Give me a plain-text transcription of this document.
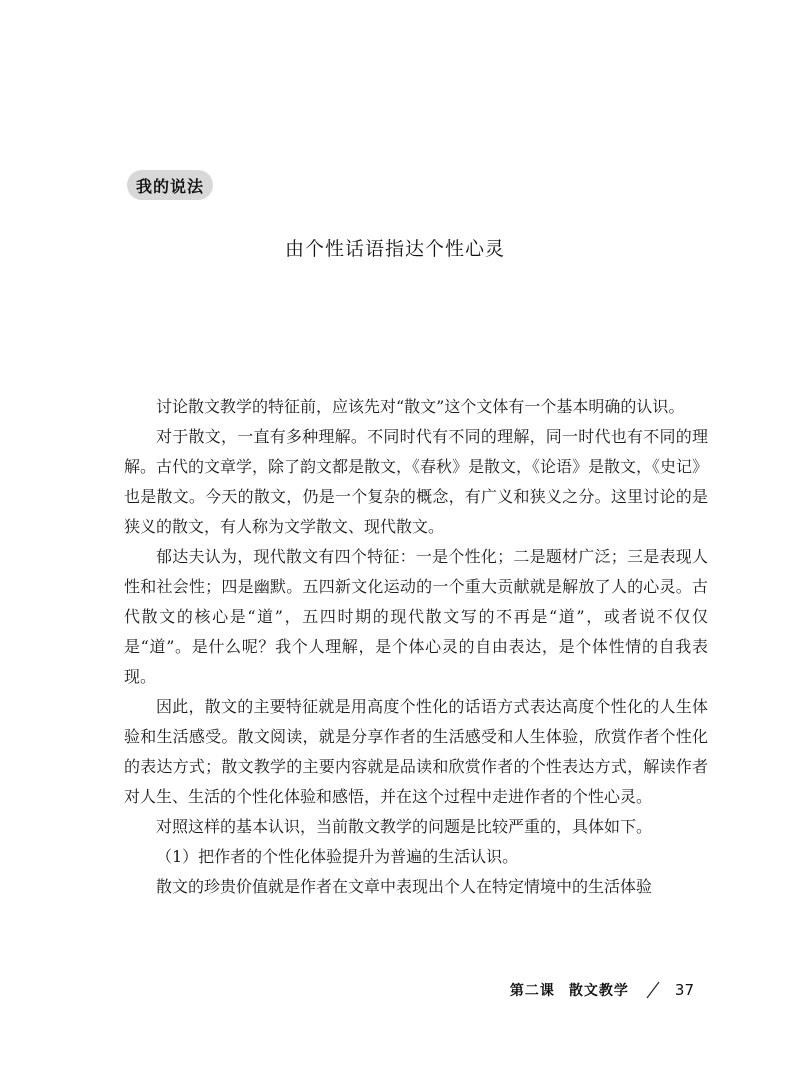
我的说法
由个性话语指达个性心灵

讨论散文教学的特征前，应该先对“散文”这个文体有一个基本明确的认识。

对于散文，一直有多种理解。不同时代有不同的理解，同一时代也有不同的理解。古代的文章学，除了韵文都是散文，《春秋》是散文，《论语》是散文，《史记》也是散文。今天的散文，仍是一个复杂的概念，有广义和狭义之分。这里讨论的是狭义的散文，有人称为文学散文、现代散文。

郁达夫认为，现代散文有四个特征：一是个性化；二是题材广泛；三是表现人性和社会性；四是幽默。五四新文化运动的一个重大贡献就是解放了人的心灵。古代散文的核心是“道”，五四时期的现代散文写的不再是“道”，或者说不仅仅是“道”。是什么呢？我个人理解，是个体心灵的自由表达，是个体性情的自我表现。

因此，散文的主要特征就是用高度个性化的话语方式表达高度个性化的人生体验和生活感受。散文阅读，就是分享作者的生活感受和人生体验，欣赏作者个性化的表达方式；散文教学的主要内容就是品读和欣赏作者的个性表达方式，解读作者对人生、生活的个性化体验和感悟，并在这个过程中走进作者的个性心灵。

对照这样的基本认识，当前散文教学的问题是比较严重的，具体如下。

（1）把作者的个性化体验提升为普遍的生活认识。

散文的珍贵价值就是作者在文章中表现出个人在特定情境中的生活体验

第二课 散文教学	37
